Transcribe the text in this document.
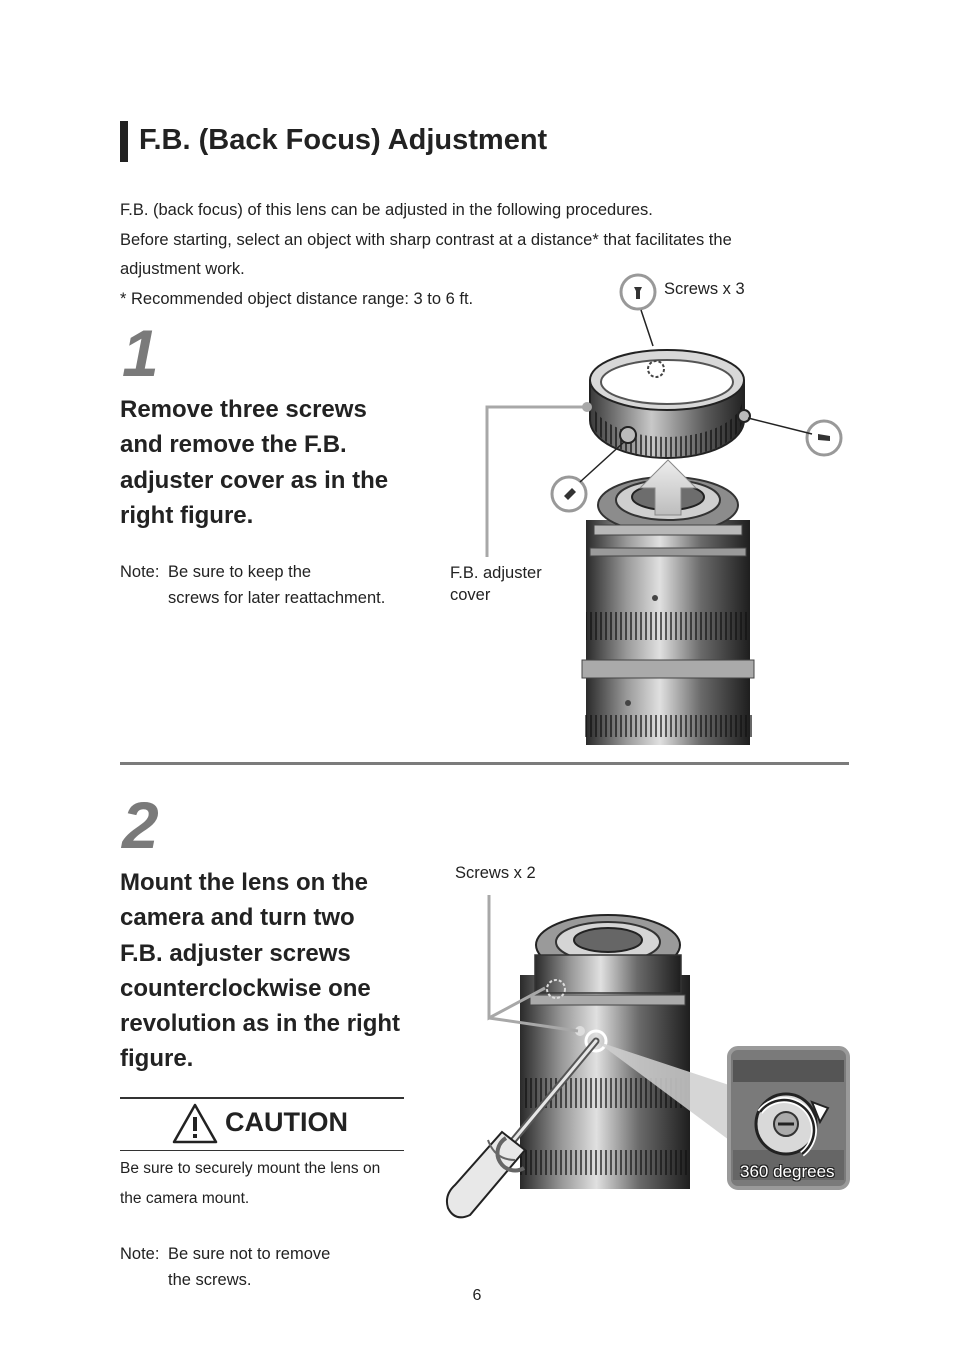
F.B. (Back Focus) Adjustment
F.B. (back focus) of this lens can be adjusted in the following procedures.
Before starting, select an object with sharp contrast at a distance* that facilitates the
adjustment work.
* Recommended object distance range: 3 to 6 ft.
1
Remove three screws
and remove the F.B.
adjuster cover as in the
right figure.
Note: Be sure to keep the
screws for later reattachment.
Screws x 3
F.B. adjuster
cover
2
Mount the lens on the
camera and turn two
F.B. adjuster screws
counterclockwise one
revolution as in the right
figure.
CAUTION
Be sure to securely mount the lens on
the camera mount.
Note: Be sure not to remove
the screws.
Screws x 2
360 degrees
6
